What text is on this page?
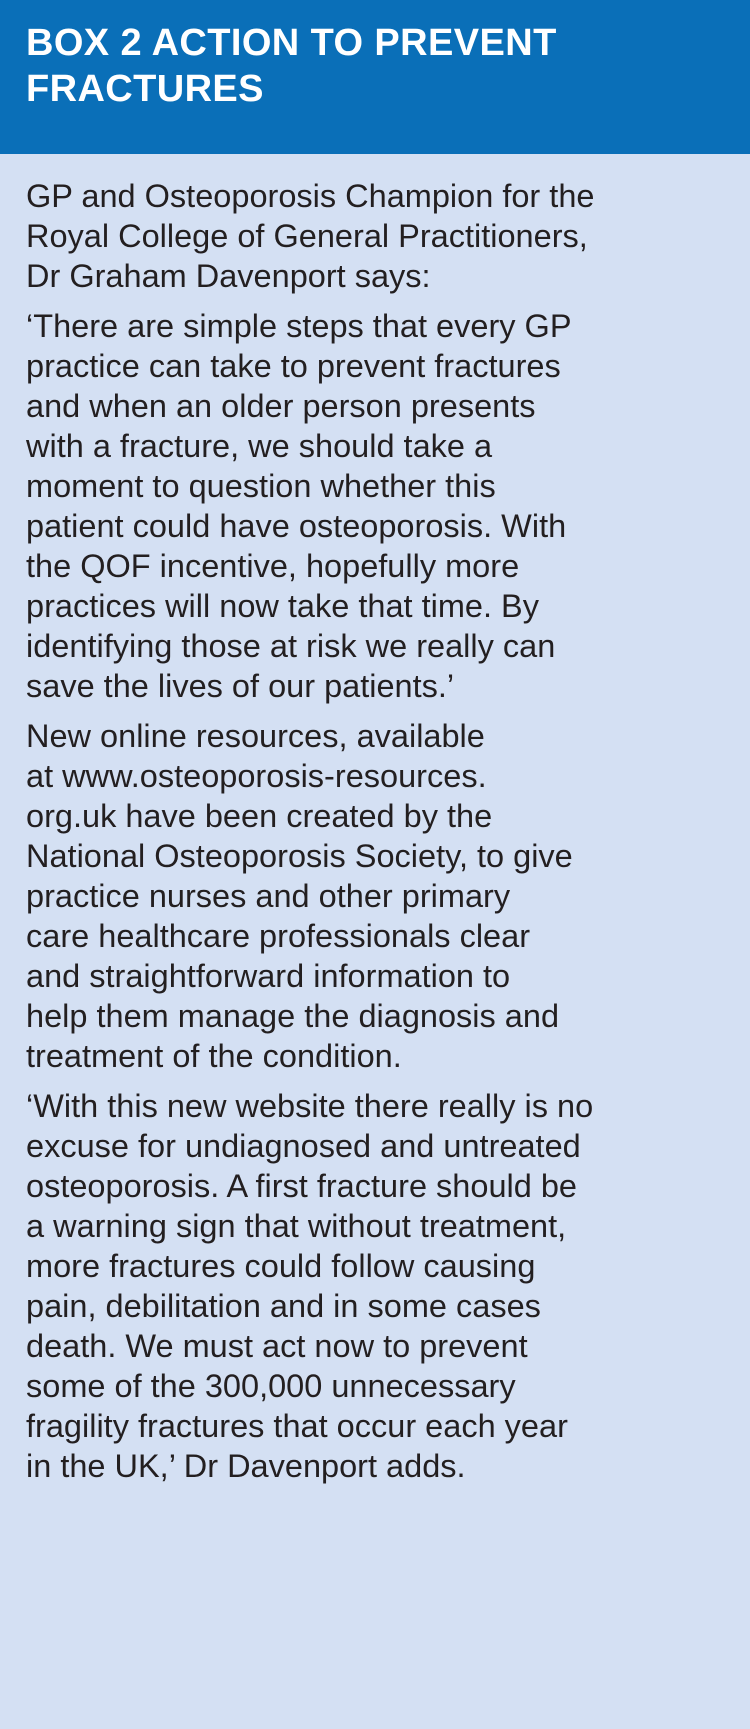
BOX 2 ACTION TO PREVENT
FRACTURES

GP and Osteoporosis Champion for the
Royal College of General Practitioners,
Dr Graham Davenport says:

‘There are simple steps that every GP
practice can take to prevent fractures
and when an older person presents
with a fracture, we should take a
moment to question whether this
patient could have osteoporosis. With
the QOF incentive, hopefully more
practices will now take that time. By
identifying those at risk we really can
save the lives of our patients.’

New online resources, available
at www.osteoporosis-resources.
org.uk have been created by the
National Osteoporosis Society, to give
practice nurses and other primary
care healthcare professionals clear
and straightforward information to
help them manage the diagnosis and
treatment of the condition.

‘With this new website there really is no
excuse for undiagnosed and untreated
osteoporosis. A first fracture should be
a warning sign that without treatment,
more fractures could follow causing
pain, debilitation and in some cases
death. We must act now to prevent
some of the 300,000 unnecessary
fragility fractures that occur each year
in the UK,’ Dr Davenport adds.
